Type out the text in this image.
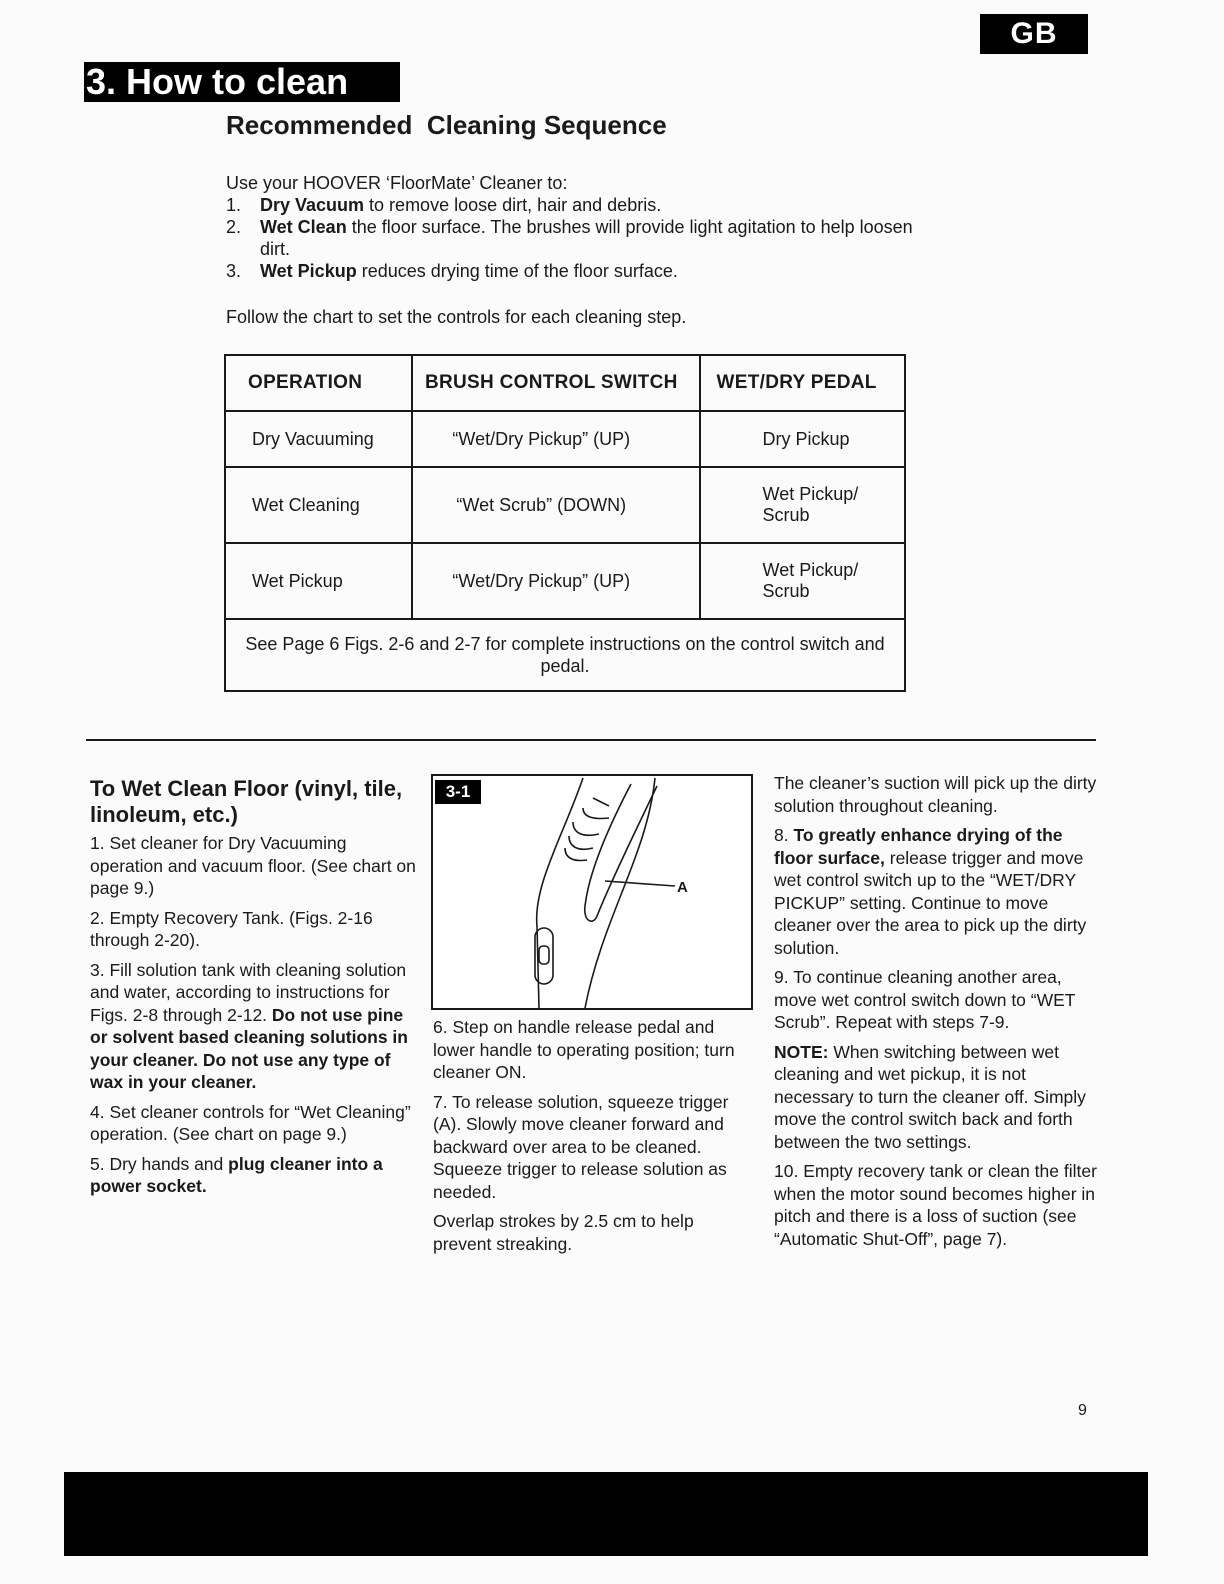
GB
3. How to clean
Recommended  Cleaning Sequence

Use your HOOVER ‘FloorMate’ Cleaner to:

1. Dry Vacuum to remove loose dirt, hair and debris.
2. Wet Clean the floor surface. The brushes will provide light agitation to help loosen dirt.
3. Wet Pickup reduces drying time of the floor surface.

Follow the chart to set the controls for each cleaning step.

OPERATION	BRUSH CONTROL SWITCH	WET/DRY PEDAL
Dry Vacuuming	“Wet/Dry Pickup” (UP)	Dry Pickup
Wet Cleaning	“Wet Scrub” (DOWN)	Wet Pickup/ Scrub
Wet Pickup	“Wet/Dry Pickup” (UP)	Wet Pickup/ Scrub
See Page 6 Figs. 2-6 and 2-7 for complete instructions on the control switch and pedal.		
To Wet Clean Floor (vinyl, tile, linoleum, etc.)

1. Set cleaner for Dry Vacuuming operation and vacuum floor. (See chart on page 9.)

2. Empty Recovery Tank. (Figs. 2-16 through 2-20).

3. Fill solution tank with cleaning solution and water, according to instructions for Figs. 2-8 through 2-12. Do not use pine or solvent based cleaning solutions in your cleaner. Do not use any type of wax in your cleaner.

4. Set cleaner controls for “Wet Cleaning” operation. (See chart on page 9.)

5. Dry hands and plug cleaner into a power socket.

3-1
A

6. Step on handle release pedal and lower handle to operating position; turn cleaner ON.

7. To release solution, squeeze trigger (A). Slowly move cleaner forward and backward over area to be cleaned. Squeeze trigger to release solution as needed.

Overlap strokes by 2.5 cm to help prevent streaking.

The cleaner’s suction will pick up the dirty solution throughout cleaning.

8. To greatly enhance drying of the floor surface, release trigger and move wet control switch up to the “WET/DRY PICKUP” setting. Continue to move cleaner over the area to pick up the dirty solution.

9. To continue cleaning another area, move wet control switch down to “WET Scrub”. Repeat with steps 7-9.

NOTE: When switching between wet cleaning and wet pickup, it is not necessary to turn the cleaner off. Simply move the control switch back and forth between the two settings.

10. Empty recovery tank or clean the filter when the motor sound becomes higher in pitch and there is a loss of suction (see “Automatic Shut-Off”, page 7).

9
